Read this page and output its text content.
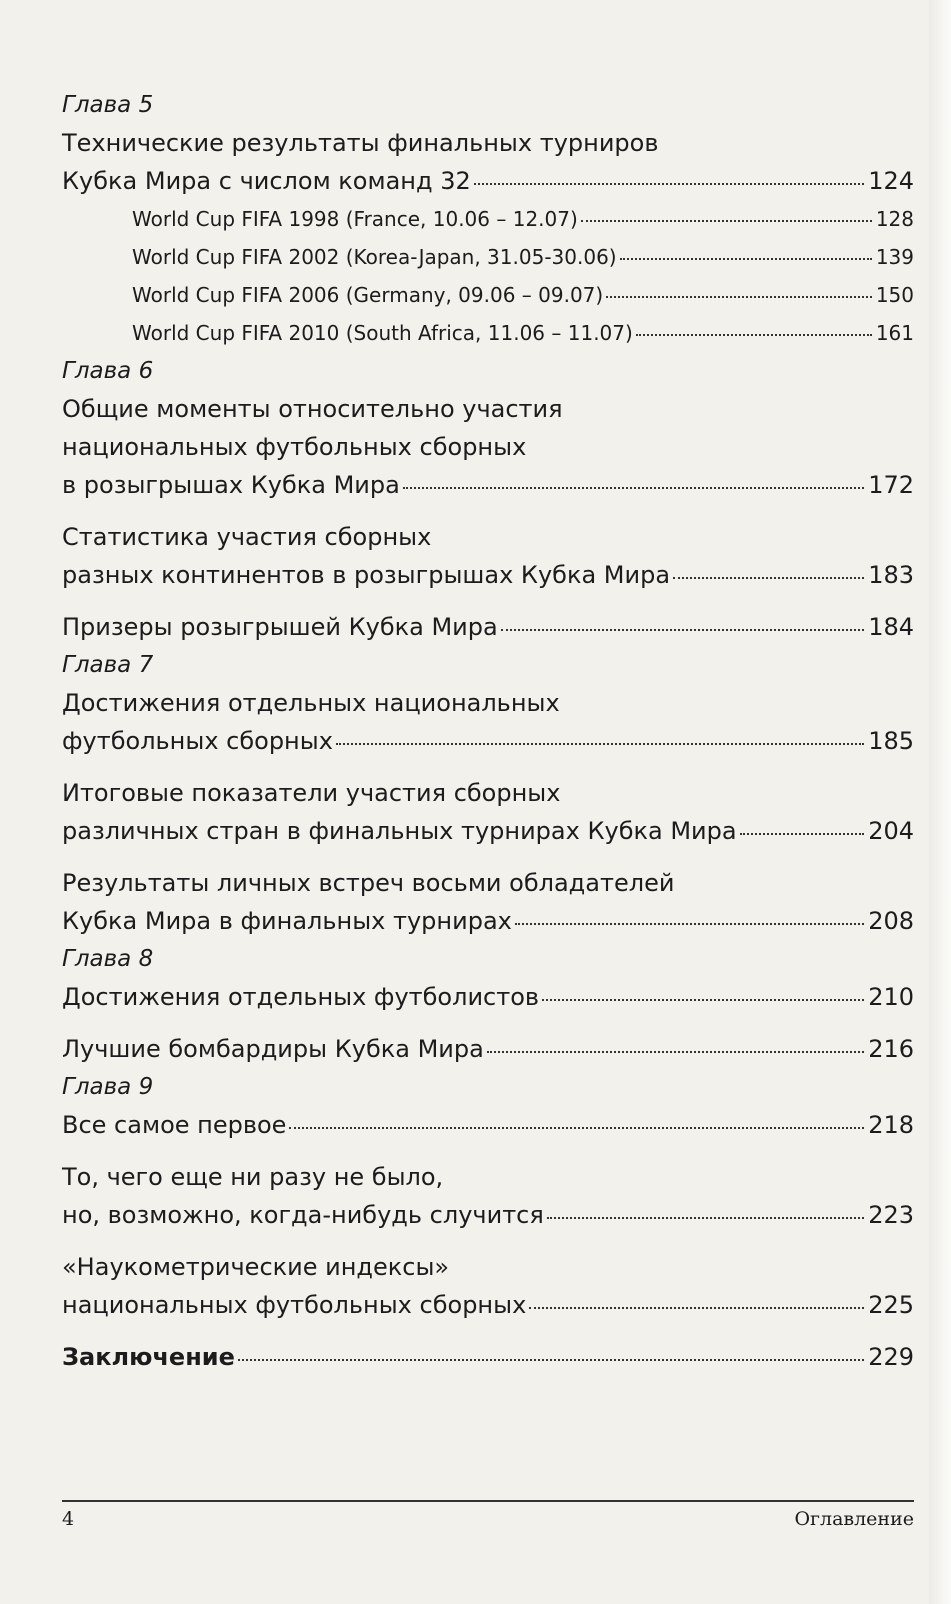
Глава 5
Технические результаты финальных турниров
Кубка Мира с числом команд 32	124
World Cup FIFA 1998 (France, 10.06 – 12.07)	128
World Cup FIFA 2002 (Korea-Japan, 31.05-30.06)	139
World Cup FIFA 2006 (Germany, 09.06 – 09.07)	150
World Cup FIFA 2010 (South Africa, 11.06 – 11.07)	161
Глава 6
Общие моменты относительно участия
национальных футбольных сборных
в розыгрышах Кубка Мира	172
Статистика участия сборных
разных континентов в розыгрышах Кубка Мира	183
Призеры розыгрышей Кубка Мира	184
Глава 7
Достижения отдельных национальных
футбольных сборных	185
Итоговые показатели участия сборных
различных стран в финальных турнирах Кубка Мира	204
Результаты личных встреч восьми обладателей
Кубка Мира в финальных турнирах	208
Глава 8
Достижения отдельных футболистов	210
Лучшие бомбардиры Кубка Мира	216
Глава 9
Все самое первое	218
То, чего еще ни разу не было,
но, возможно, когда-нибудь случится	223
«Наукометрические индексы»
национальных футбольных сборных	225
Заключение	229
4	Оглавление
